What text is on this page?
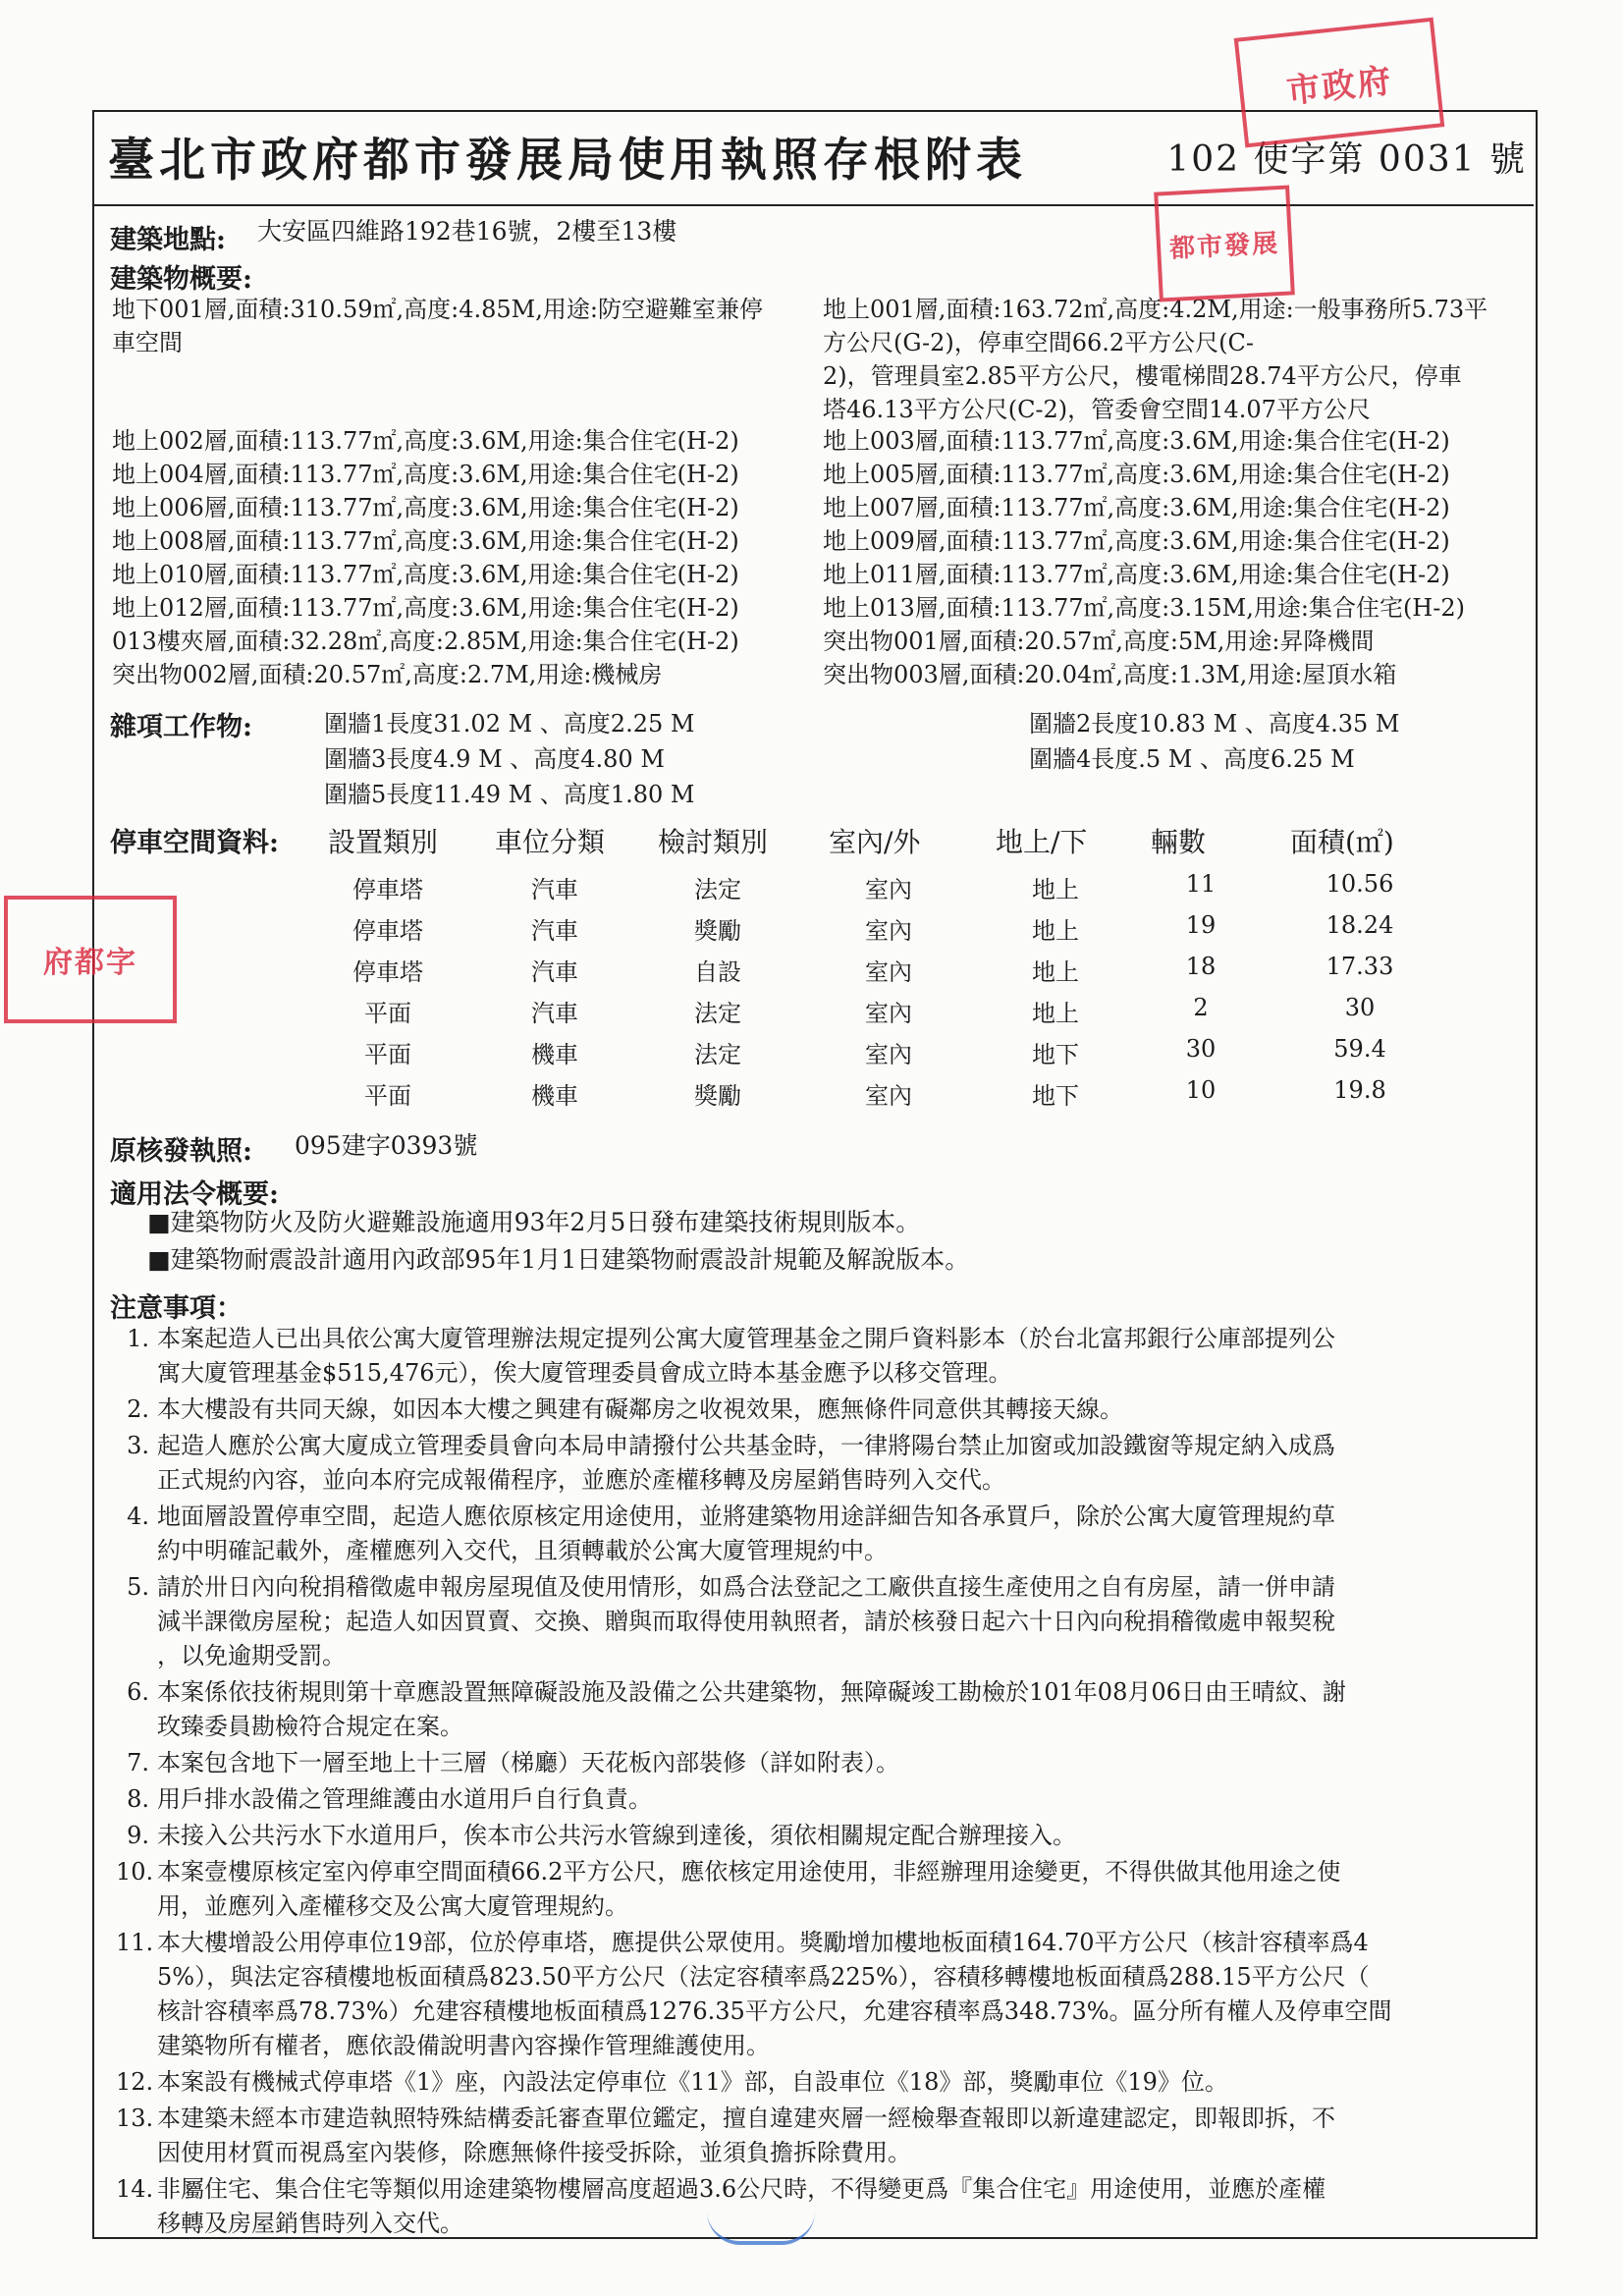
臺北市政府都市發展局使用執照存根附表	102 使字第 0031 號
建築地點: 大安區四維路192巷16號，2樓至13樓
建築物概要:
地下001層,面積:310.59㎡,高度:4.85M,用途:防空避難室兼停
車空間
地上002層,面積:113.77㎡,高度:3.6M,用途:集合住宅(H-2)
地上004層,面積:113.77㎡,高度:3.6M,用途:集合住宅(H-2)
地上006層,面積:113.77㎡,高度:3.6M,用途:集合住宅(H-2)
地上008層,面積:113.77㎡,高度:3.6M,用途:集合住宅(H-2)
地上010層,面積:113.77㎡,高度:3.6M,用途:集合住宅(H-2)
地上012層,面積:113.77㎡,高度:3.6M,用途:集合住宅(H-2)
013樓夾層,面積:32.28㎡,高度:2.85M,用途:集合住宅(H-2)
突出物002層,面積:20.57㎡,高度:2.7M,用途:機械房
地上001層,面積:163.72㎡,高度:4.2M,用途:一般事務所5.73平
方公尺(G-2)，停車空間66.2平方公尺(C-
2)，管理員室2.85平方公尺，樓電梯間28.74平方公尺，停車
塔46.13平方公尺(C-2)，管委會空間14.07平方公尺
地上003層,面積:113.77㎡,高度:3.6M,用途:集合住宅(H-2)
地上005層,面積:113.77㎡,高度:3.6M,用途:集合住宅(H-2)
地上007層,面積:113.77㎡,高度:3.6M,用途:集合住宅(H-2)
地上009層,面積:113.77㎡,高度:3.6M,用途:集合住宅(H-2)
地上011層,面積:113.77㎡,高度:3.6M,用途:集合住宅(H-2)
地上013層,面積:113.77㎡,高度:3.15M,用途:集合住宅(H-2)
突出物001層,面積:20.57㎡,高度:5M,用途:昇降機間
突出物003層,面積:20.04㎡,高度:1.3M,用途:屋頂水箱
雜項工作物:	圍牆1長度31.02 M 、高度2.25 M	圍牆2長度10.83 M 、高度4.35 M
圍牆3長度4.9 M 、高度4.80 M	圍牆4長度.5 M 、高度6.25 M
圍牆5長度11.49 M 、高度1.80 M
停車空間資料: 設置類別 車位分類 檢討類別 室內/外	地上/下 輛數	面積(㎡)
停車塔	汽車	法定	室內	地上	11	10.56
停車塔	汽車	獎勵	室內	地上	19	18.24
停車塔	汽車	自設	室內	地上	18	17.33
平面	汽車	法定	室內	地上	2	30
平面	機車	法定	室內	地下	30	59.4
平面	機車	獎勵	室內	地下	10	19.8
原核發執照: 095建字0393號
適用法令概要:
■建築物防火及防火避難設施適用93年2月5日發布建築技術規則版本。
■建築物耐震設計適用內政部95年1月1日建築物耐震設計規範及解說版本。
注意事項：
1. 本案起造人已出具依公寓大廈管理辦法規定提列公寓大廈管理基金之開戶資料影本（於台北富邦銀行公庫部提列公
寓大廈管理基金$515,476元），俟大廈管理委員會成立時本基金應予以移交管理。
2. 本大樓設有共同天線，如因本大樓之興建有礙鄰房之收視效果，應無條件同意供其轉接天線。
3. 起造人應於公寓大廈成立管理委員會向本局申請撥付公共基金時，一律將陽台禁止加窗或加設鐵窗等規定納入成爲
正式規約內容，並向本府完成報備程序，並應於產權移轉及房屋銷售時列入交代。
4. 地面層設置停車空間，起造人應依原核定用途使用，並將建築物用途詳細告知各承買戶，除於公寓大廈管理規約草
約中明確記載外，產權應列入交代，且須轉載於公寓大廈管理規約中。
5. 請於卅日內向稅捐稽徵處申報房屋現值及使用情形，如爲合法登記之工廠供直接生產使用之自有房屋，請一併申請
減半課徵房屋稅；起造人如因買賣、交換、贈與而取得使用執照者，請於核發日起六十日內向稅捐稽徵處申報契稅
，以免逾期受罰。
6. 本案係依技術規則第十章應設置無障礙設施及設備之公共建築物，無障礙竣工勘檢於101年08月06日由王晴紋、謝
玫臻委員勘檢符合規定在案。
7. 本案包含地下一層至地上十三層（梯廳）天花板內部裝修（詳如附表）。
8. 用戶排水設備之管理維護由水道用戶自行負責。
9. 未接入公共污水下水道用戶，俟本市公共污水管線到達後，須依相關規定配合辦理接入。
10. 本案壹樓原核定室內停車空間面積66.2平方公尺，應依核定用途使用，非經辦理用途變更，不得供做其他用途之使
用，並應列入產權移交及公寓大廈管理規約。
11. 本大樓增設公用停車位19部，位於停車塔，應提供公眾使用。獎勵增加樓地板面積164.70平方公尺（核計容積率爲4
5%），與法定容積樓地板面積爲823.50平方公尺（法定容積率爲225%），容積移轉樓地板面積爲288.15平方公尺（
核計容積率爲78.73%）允建容積樓地板面積爲1276.35平方公尺，允建容積率爲348.73%。區分所有權人及停車空間
建築物所有權者，應依設備說明書內容操作管理維護使用。
12. 本案設有機械式停車塔《1》座，內設法定停車位《11》部，自設車位《18》部，獎勵車位《19》位。
13. 本建築未經本市建造執照特殊結構委託審查單位鑑定，擅自違建夾層一經檢舉查報即以新違建認定，即報即拆，不
因使用材質而視爲室內裝修，除應無條件接受拆除，並須負擔拆除費用。
14. 非屬住宅、集合住宅等類似用途建築物樓層高度超過3.6公尺時，不得變更爲『集合住宅』用途使用，並應於產權
移轉及房屋銷售時列入交代。
市政府
都市發展
府都字
